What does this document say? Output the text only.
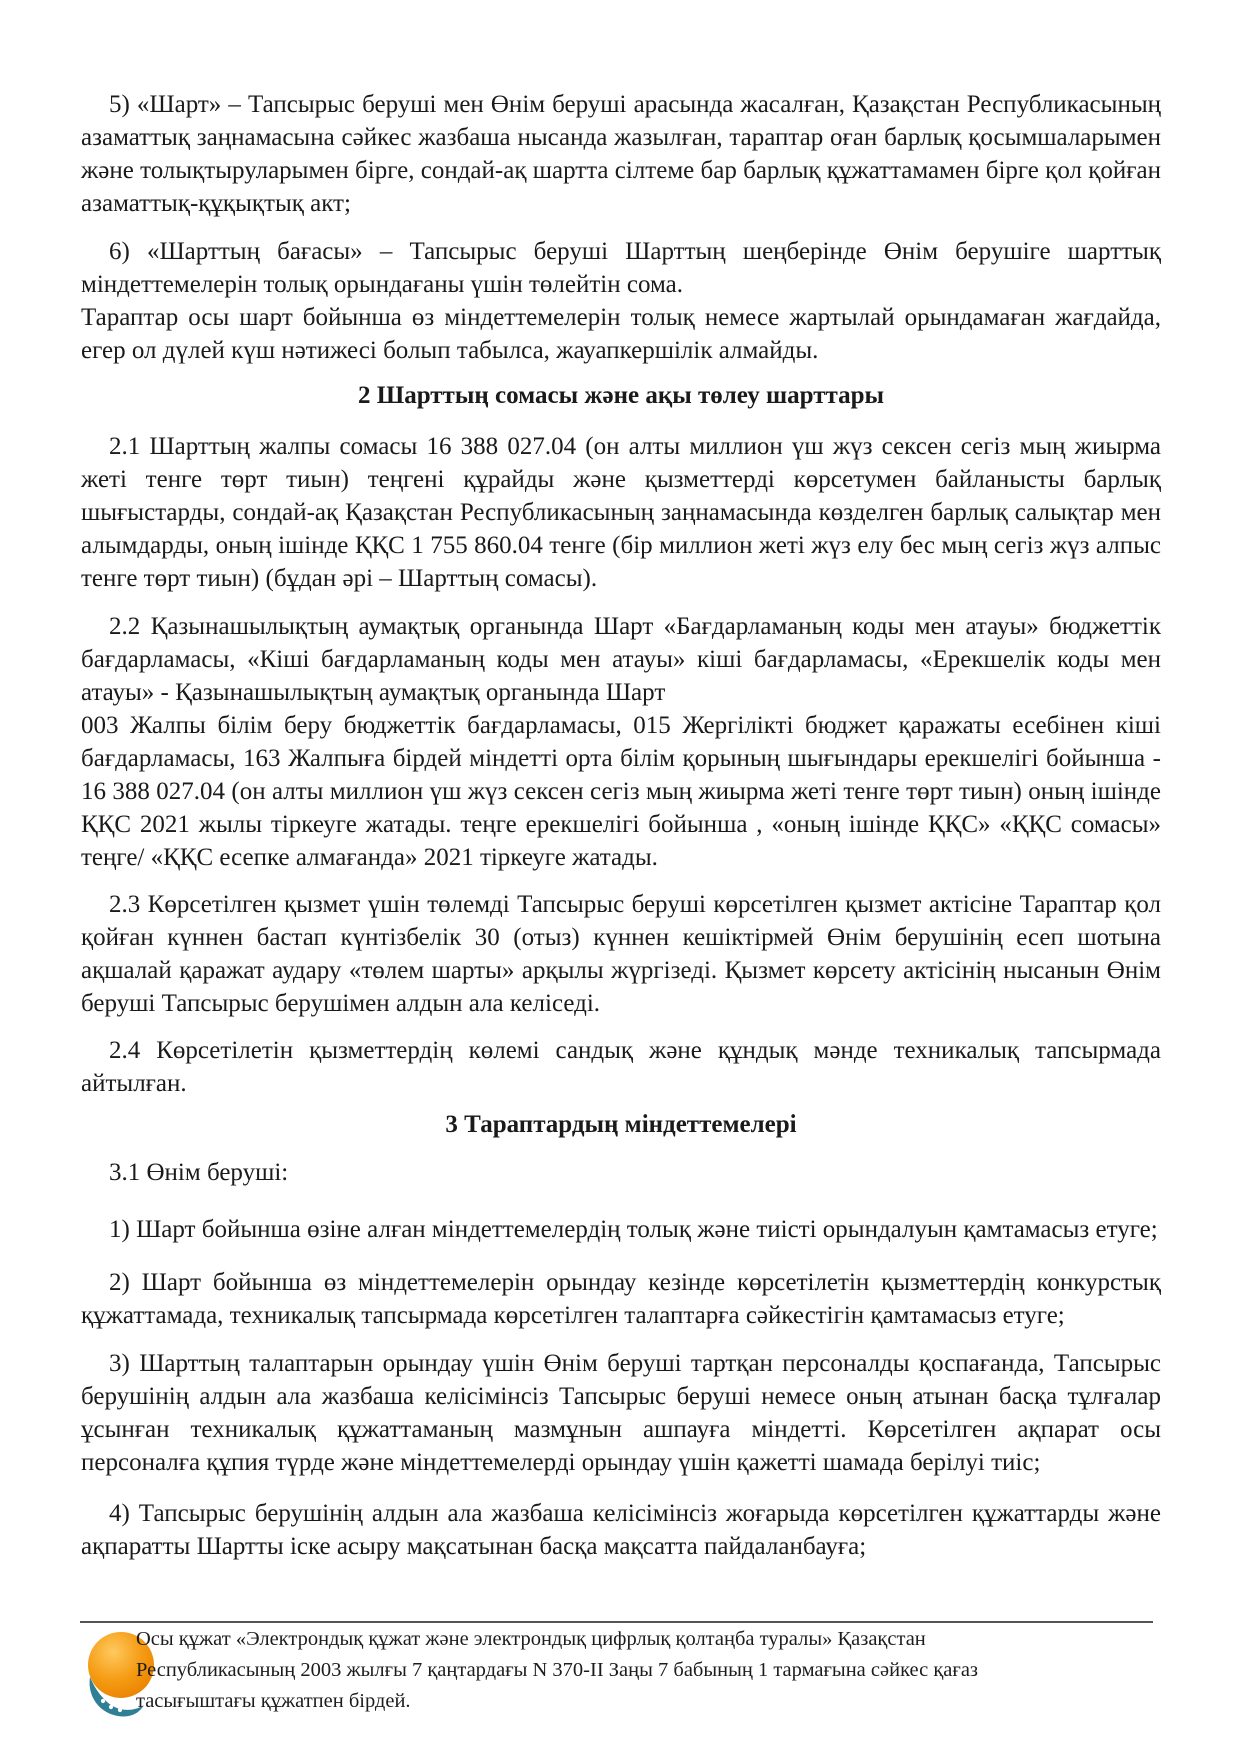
5) «Шарт» – Тапсырыс беруші мен Өнім беруші арасында жасалған, Қазақстан Республикасының азаматтық заңнамасына сәйкес жазбаша нысанда жазылған, тараптар оған барлық қосымшаларымен және толықтыруларымен бірге, сондай-ақ шартта сілтеме бар барлық құжаттамамен бірге қол қойған азаматтық-құқықтық акт;

6) «Шарттың бағасы» – Тапсырыс беруші Шарттың шеңберінде Өнім берушіге шарттық міндеттемелерін толық орындағаны үшін төлейтін сома.

Тараптар осы шарт бойынша өз міндеттемелерін толық немесе жартылай орындамаған жағдайда, егер ол дүлей күш нәтижесі болып табылса, жауапкершілік алмайды.

2 Шарттың сомасы және ақы төлеу шарттары

2.1 Шарттың жалпы сомасы 16 388 027.04 (он алты миллион үш жүз сексен сегіз мың жиырма жеті тенге төрт тиын) теңгені құрайды және қызметтерді көрсетумен байланысты барлық шығыстарды, сондай-ақ Қазақстан Республикасының заңнамасында көзделген барлық салықтар мен алымдарды, оның ішінде ҚҚС 1 755 860.04 тенге (бір миллион жеті жүз елу бес мың сегіз жүз алпыс тенге төрт тиын) (бұдан әрі – Шарттың сомасы).

2.2 Қазынашылықтың аумақтық органында Шарт «Бағдарламаның коды мен атауы» бюджеттік бағдарламасы, «Кіші бағдарламаның коды мен атауы» кіші бағдарламасы, «Ерекшелік коды мен атауы» - Қазынашылықтың аумақтық органында Шарт

003 Жалпы білім беру бюджеттік бағдарламасы, 015 Жергілікті бюджет қаражаты есебінен кіші бағдарламасы, 163 Жалпыға бірдей міндетті орта білім қорының шығындары ерекшелігі бойынша - 16 388 027.04 (он алты миллион үш жүз сексен сегіз мың жиырма жеті тенге төрт тиын) оның ішінде ҚҚС 2021 жылы тіркеуге жатады. теңге ерекшелігі бойынша , «оның ішінде ҚҚС» «ҚҚС сомасы» теңге/ «ҚҚС есепке алмағанда» 2021 тіркеуге жатады.

2.3 Көрсетілген қызмет үшін төлемді Тапсырыс беруші көрсетілген қызмет актісіне Тараптар қол қойған күннен бастап күнтізбелік 30 (отыз) күннен кешіктірмей Өнім берушінің есеп шотына ақшалай қаражат аудару «төлем шарты» арқылы жүргізеді. Қызмет көрсету актісінің нысанын Өнім беруші Тапсырыс берушімен алдын ала келіседі.

2.4 Көрсетілетін қызметтердің көлемі сандық және құндық мәнде техникалық тапсырмада айтылған.

3 Тараптардың міндеттемелері

3.1 Өнім беруші:

1) Шарт бойынша өзіне алған міндеттемелердің толық және тиісті орындалуын қамтамасыз етуге;

2) Шарт бойынша өз міндеттемелерін орындау кезінде көрсетілетін қызметтердің конкурстық құжаттамада, техникалық тапсырмада көрсетілген талаптарға сәйкестігін қамтамасыз етуге;

3) Шарттың талаптарын орындау үшін Өнім беруші тартқан персоналды қоспағанда, Тапсырыс берушінің алдын ала жазбаша келісімінсіз Тапсырыс беруші немесе оның атынан басқа тұлғалар ұсынған техникалық құжаттаманың мазмұнын ашпауға міндетті. Көрсетілген ақпарат осы персоналға құпия түрде және міндеттемелерді орындау үшін қажетті шамада берілуі тиіс;

4) Тапсырыс берушінің алдын ала жазбаша келісімінсіз жоғарыда көрсетілген құжаттарды және ақпаратты Шартты іске асыру мақсатынан басқа мақсатта пайдаланбауға;

Осы құжат «Электрондық құжат және электрондық цифрлық қолтаңба туралы» Қазақстан
Республикасының 2003 жылғы 7 қаңтардағы N 370-II Заңы 7 бабының 1 тармағына сәйкес қағаз
тасығыштағы құжатпен бірдей.
